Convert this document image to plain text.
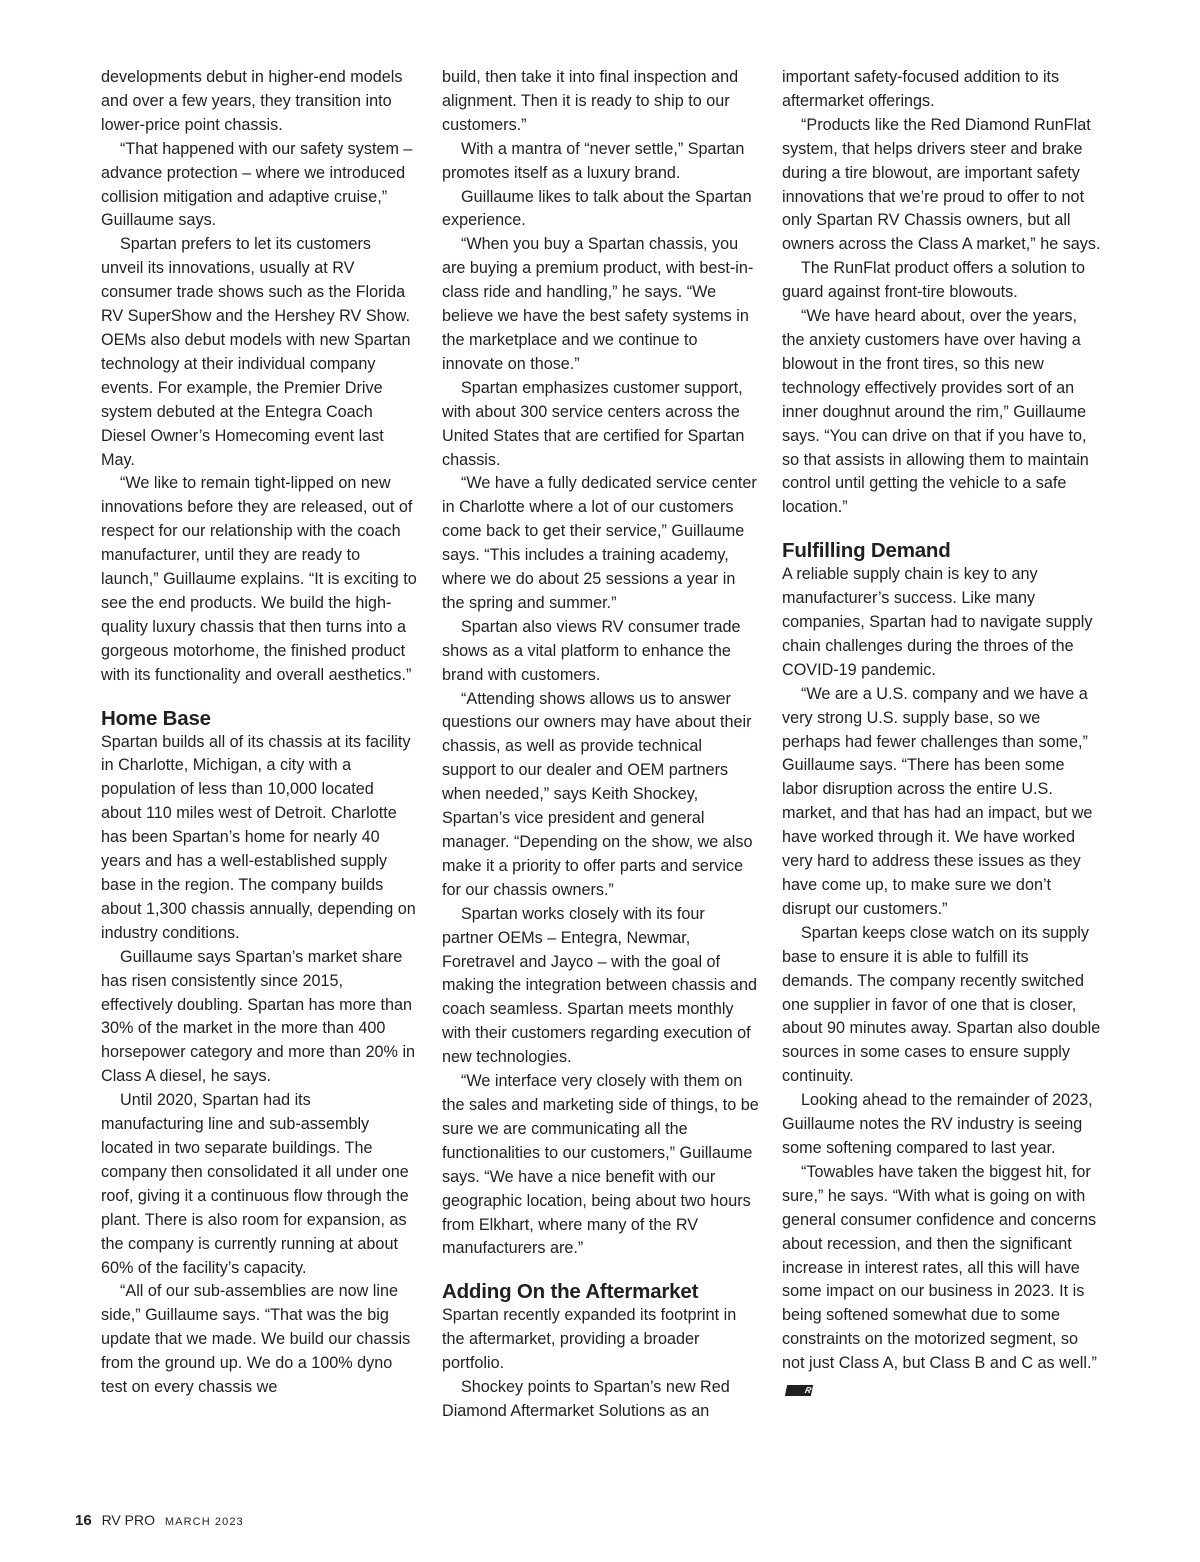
developments debut in higher-end models and over a few years, they transition into lower-price point chassis.

“That happened with our safety system – advance protection – where we introduced collision mitigation and adaptive cruise,” Guillaume says.

Spartan prefers to let its customers unveil its innovations, usually at RV consumer trade shows such as the Florida RV SuperShow and the Hershey RV Show. OEMs also debut models with new Spartan technology at their individual company events. For example, the Premier Drive system debuted at the Entegra Coach Diesel Owner’s Homecoming event last May.

“We like to remain tight-lipped on new innovations before they are released, out of respect for our relationship with the coach manufacturer, until they are ready to launch,” Guillaume explains. “It is exciting to see the end products. We build the high-quality luxury chassis that then turns into a gorgeous motorhome, the finished product with its functionality and overall aesthetics.”

Home Base

Spartan builds all of its chassis at its facility in Charlotte, Michigan, a city with a population of less than 10,000 located about 110 miles west of Detroit. Charlotte has been Spartan’s home for nearly 40 years and has a well-established supply base in the region. The company builds about 1,300 chassis annually, depending on industry conditions.

Guillaume says Spartan’s market share has risen consistently since 2015, effectively doubling. Spartan has more than 30% of the market in the more than 400 horsepower category and more than 20% in Class A diesel, he says.

Until 2020, Spartan had its manufacturing line and sub-assembly located in two separate buildings. The company then consolidated it all under one roof, giving it a continuous flow through the plant. There is also room for expansion, as the company is currently running at about 60% of the facility’s capacity.

“All of our sub-assemblies are now line side,” Guillaume says. “That was the big update that we made. We build our chassis from the ground up. We do a 100% dyno test on every chassis we

build, then take it into final inspection and alignment. Then it is ready to ship to our customers.”

With a mantra of “never settle,” Spartan promotes itself as a luxury brand.

Guillaume likes to talk about the Spartan experience.

“When you buy a Spartan chassis, you are buying a premium product, with best-in-class ride and handling,” he says. “We believe we have the best safety systems in the marketplace and we continue to innovate on those.”

Spartan emphasizes customer support, with about 300 service centers across the United States that are certified for Spartan chassis.

“We have a fully dedicated service center in Charlotte where a lot of our customers come back to get their service,” Guillaume says. “This includes a training academy, where we do about 25 sessions a year in the spring and summer.”

Spartan also views RV consumer trade shows as a vital platform to enhance the brand with customers.

“Attending shows allows us to answer questions our owners may have about their chassis, as well as provide technical support to our dealer and OEM partners when needed,” says Keith Shockey, Spartan’s vice president and general manager. “Depending on the show, we also make it a priority to offer parts and service for our chassis owners.”

Spartan works closely with its four partner OEMs – Entegra, Newmar, Foretravel and Jayco – with the goal of making the integration between chassis and coach seamless. Spartan meets monthly with their customers regarding execution of new technologies.

“We interface very closely with them on the sales and marketing side of things, to be sure we are communicating all the functionalities to our customers,” Guillaume says. “We have a nice benefit with our geographic location, being about two hours from Elkhart, where many of the RV manufacturers are.”

Adding On the Aftermarket

Spartan recently expanded its footprint in the aftermarket, providing a broader portfolio.

Shockey points to Spartan’s new Red Diamond Aftermarket Solutions as an

important safety-focused addition to its aftermarket offerings.

“Products like the Red Diamond RunFlat system, that helps drivers steer and brake during a tire blowout, are important safety innovations that we’re proud to offer to not only Spartan RV Chassis owners, but all owners across the Class A market,” he says.

The RunFlat product offers a solution to guard against front-tire blowouts.

“We have heard about, over the years, the anxiety customers have over having a blowout in the front tires, so this new technology effectively provides sort of an inner doughnut around the rim,” Guillaume says. “You can drive on that if you have to, so that assists in allowing them to maintain control until getting the vehicle to a safe location.”

Fulfilling Demand

A reliable supply chain is key to any manufacturer’s success. Like many companies, Spartan had to navigate supply chain challenges during the throes of the COVID-19 pandemic.

“We are a U.S. company and we have a very strong U.S. supply base, so we perhaps had fewer challenges than some,” Guillaume says. “There has been some labor disruption across the entire U.S. market, and that has had an impact, but we have worked through it. We have worked very hard to address these issues as they have come up, to make sure we don’t disrupt our customers.”

Spartan keeps close watch on its supply base to ensure it is able to fulfill its demands. The company recently switched one supplier in favor of one that is closer, about 90 minutes away. Spartan also double sources in some cases to ensure supply continuity.

Looking ahead to the remainder of 2023, Guillaume notes the RV industry is seeing some softening compared to last year.

“Towables have taken the biggest hit, for sure,” he says. “With what is going on with general consumer confidence and concerns about recession, and then the significant increase in interest rates, all this will have some impact on our business in 2023. It is being softened somewhat due to some constraints on the motorized segment, so not just Class A, but Class B and C as well.”RVP

16 RV PRO MARCH 2023
